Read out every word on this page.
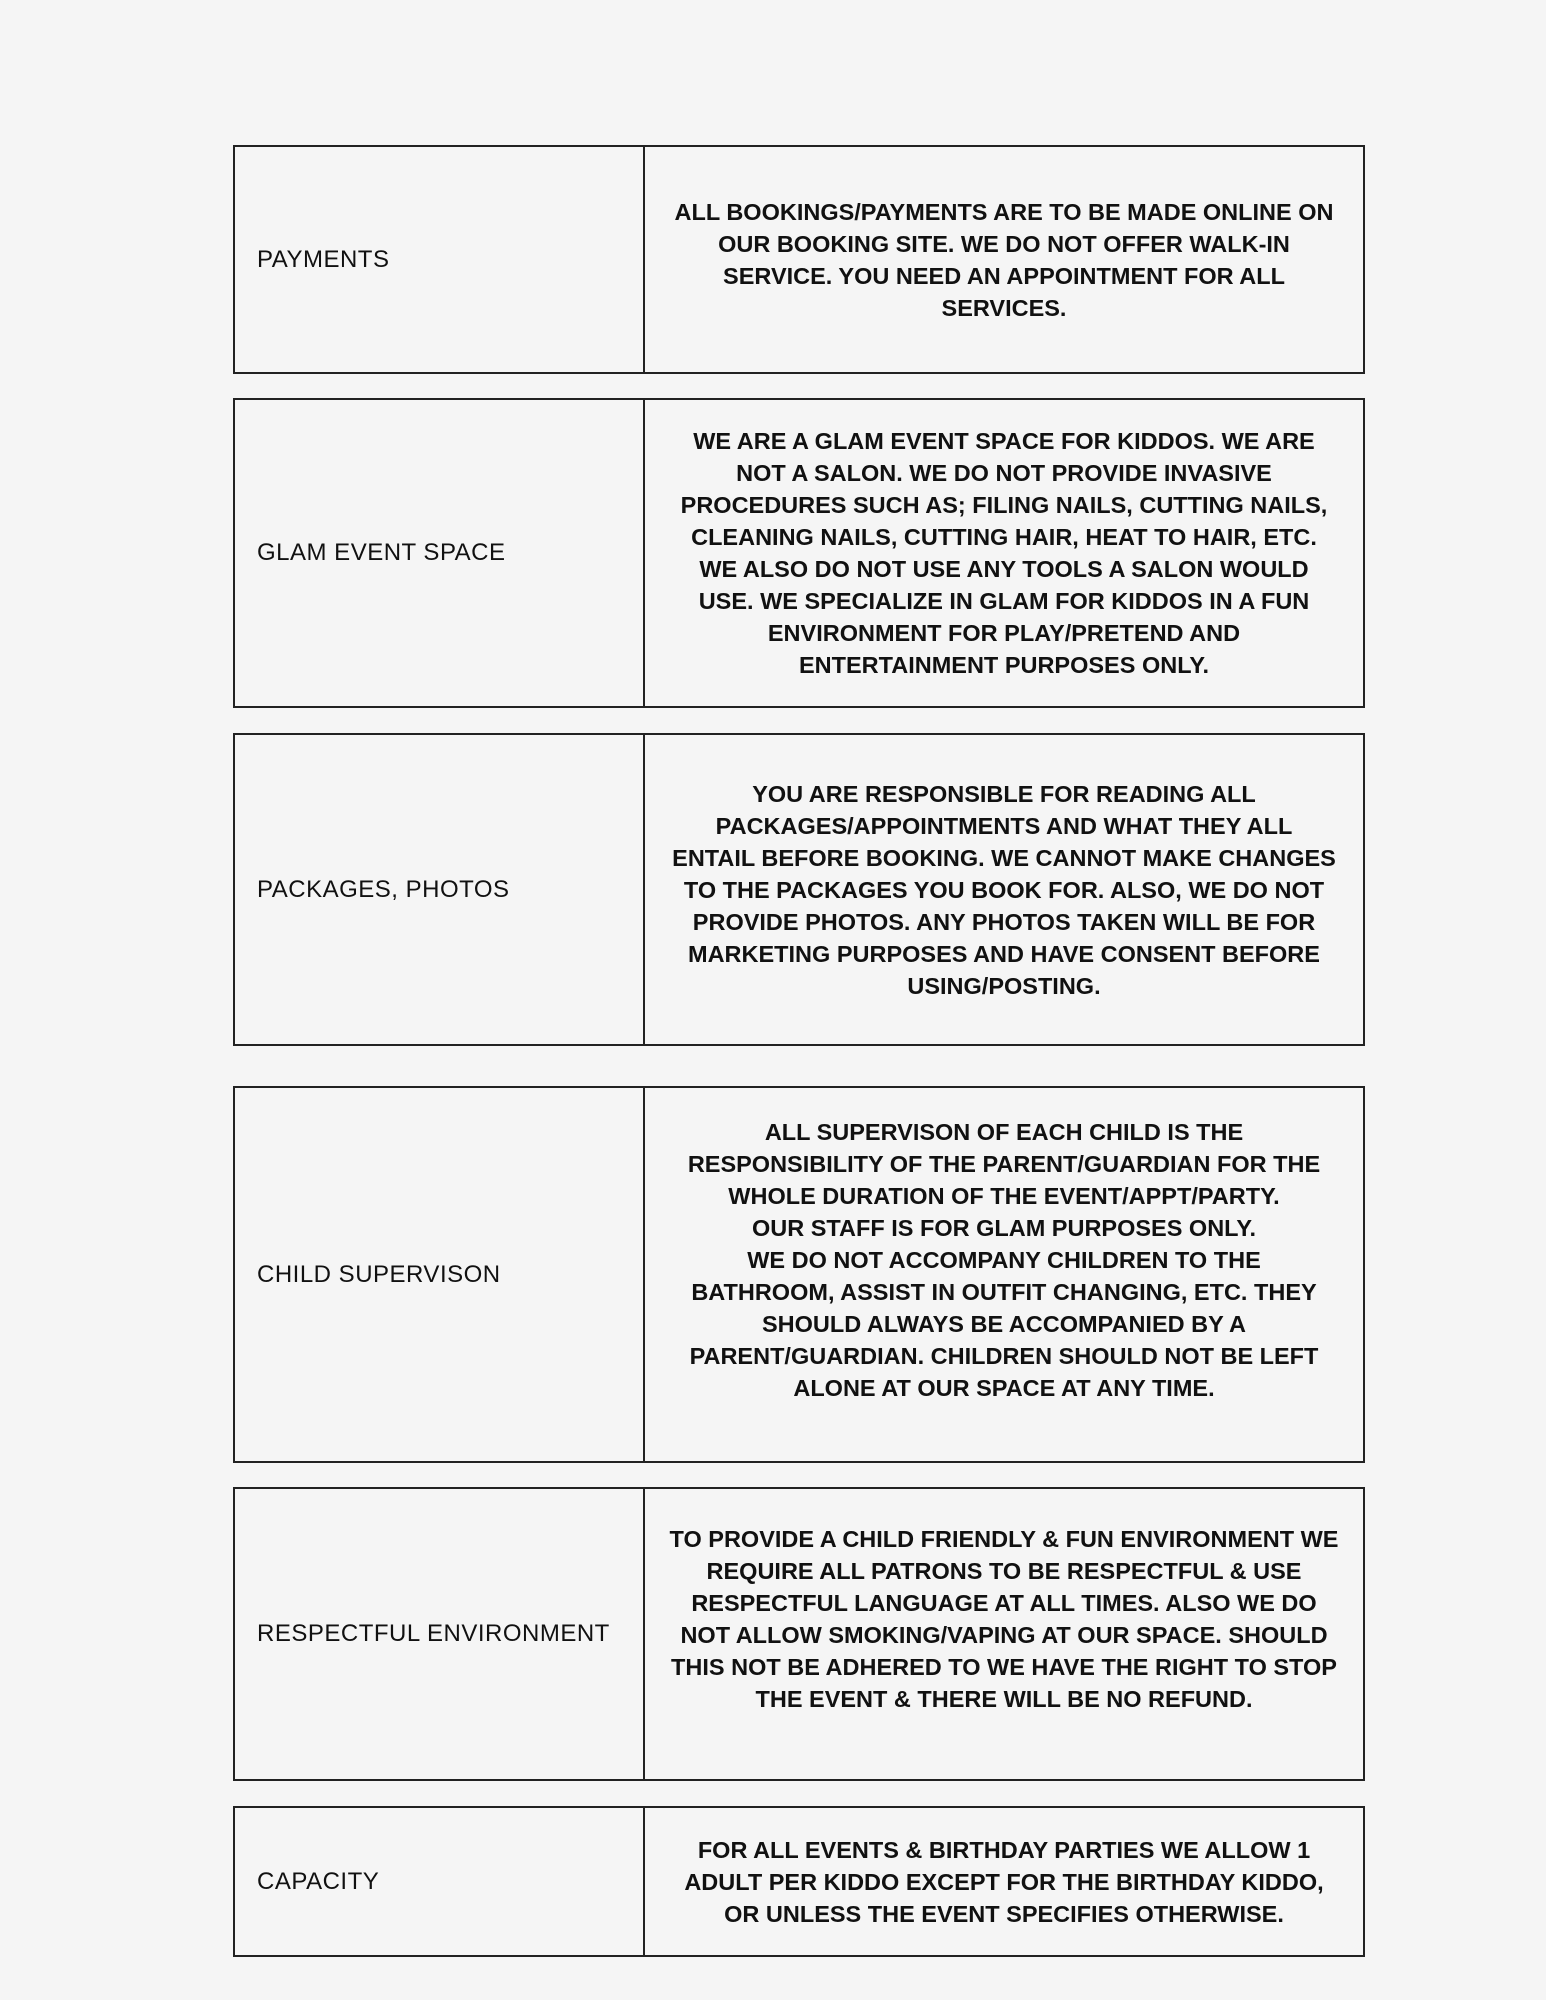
PAYMENTS

ALL BOOKINGS/PAYMENTS ARE TO BE MADE ONLINE ON
OUR BOOKING SITE. WE DO NOT OFFER WALK-IN
SERVICE. YOU NEED AN APPOINTMENT FOR ALL
SERVICES.

GLAM EVENT SPACE

WE ARE A GLAM EVENT SPACE FOR KIDDOS. WE ARE
NOT A SALON. WE DO NOT PROVIDE INVASIVE
PROCEDURES SUCH AS; FILING NAILS, CUTTING NAILS,
CLEANING NAILS, CUTTING HAIR, HEAT TO HAIR, ETC.
WE ALSO DO NOT USE ANY TOOLS A SALON WOULD
USE. WE SPECIALIZE IN GLAM FOR KIDDOS IN A FUN
ENVIRONMENT FOR PLAY/PRETEND AND
ENTERTAINMENT PURPOSES ONLY.

PACKAGES, PHOTOS

YOU ARE RESPONSIBLE FOR READING ALL
PACKAGES/APPOINTMENTS AND WHAT THEY ALL
ENTAIL BEFORE BOOKING. WE CANNOT MAKE CHANGES
TO THE PACKAGES YOU BOOK FOR. ALSO, WE DO NOT
PROVIDE PHOTOS. ANY PHOTOS TAKEN WILL BE FOR
MARKETING PURPOSES AND HAVE CONSENT BEFORE
USING/POSTING.

CHILD SUPERVISON

ALL SUPERVISON OF EACH CHILD IS THE
RESPONSIBILITY OF THE PARENT/GUARDIAN FOR THE
WHOLE DURATION OF THE EVENT/APPT/PARTY.
OUR STAFF IS FOR GLAM PURPOSES ONLY.
WE DO NOT ACCOMPANY CHILDREN TO THE
BATHROOM, ASSIST IN OUTFIT CHANGING, ETC. THEY
SHOULD ALWAYS BE ACCOMPANIED BY A
PARENT/GUARDIAN. CHILDREN SHOULD NOT BE LEFT
ALONE AT OUR SPACE AT ANY TIME.

RESPECTFUL ENVIRONMENT

TO PROVIDE A CHILD FRIENDLY & FUN ENVIRONMENT WE
REQUIRE ALL PATRONS TO BE RESPECTFUL & USE
RESPECTFUL LANGUAGE AT ALL TIMES. ALSO WE DO
NOT ALLOW SMOKING/VAPING AT OUR SPACE. SHOULD
THIS NOT BE ADHERED TO WE HAVE THE RIGHT TO STOP
THE EVENT & THERE WILL BE NO REFUND.

CAPACITY

FOR ALL EVENTS & BIRTHDAY PARTIES WE ALLOW 1
ADULT PER KIDDO EXCEPT FOR THE BIRTHDAY KIDDO,
OR UNLESS THE EVENT SPECIFIES OTHERWISE.
